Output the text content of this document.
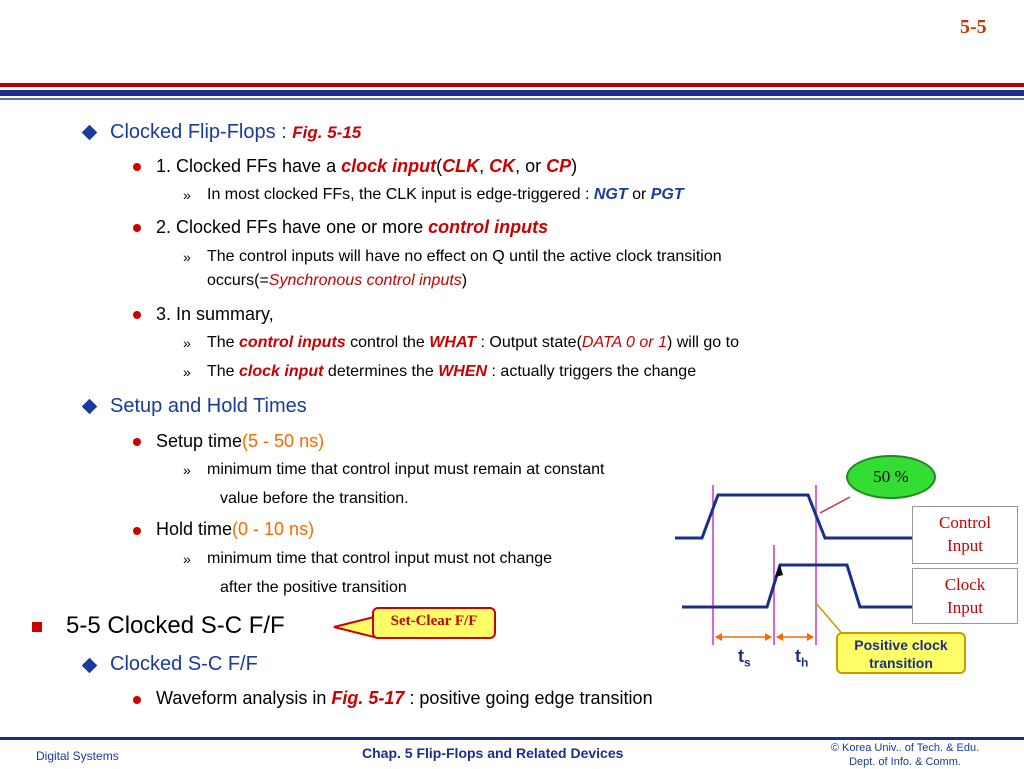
5-5
Clocked Flip-Flops : Fig. 5-15
1. Clocked FFs have a clock input(CLK, CK, or CP)
» In most clocked FFs, the CLK input is edge-triggered : NGT or PGT
2. Clocked FFs have one or more control inputs
» The control inputs will have no effect on Q until the active clock transition
occurs(=Synchronous control inputs)
3. In summary,
» The control inputs control the WHAT : Output state(DATA 0 or 1) will go to
» The clock input determines the WHEN : actually triggers the change
Setup and Hold Times
Setup time(5 - 50 ns)
» minimum time that control input must remain at constant
value before the transition.
Hold time(0 - 10 ns)
» minimum time that control input must not change
after the positive transition
5-5 Clocked S-C F/F	Set-Clear F/F
Clocked S-C F/F
Waveform analysis in Fig. 5-17 : positive going edge transition
$t_s$ $t_h$
50 %
Control
Input
Clock
Input
Positive clock
transition
Digital Systems	Chap. 5 Flip-Flops and Related Devices	© Korea Univ.. of Tech. & Edu.
Dept. of Info. & Comm.
